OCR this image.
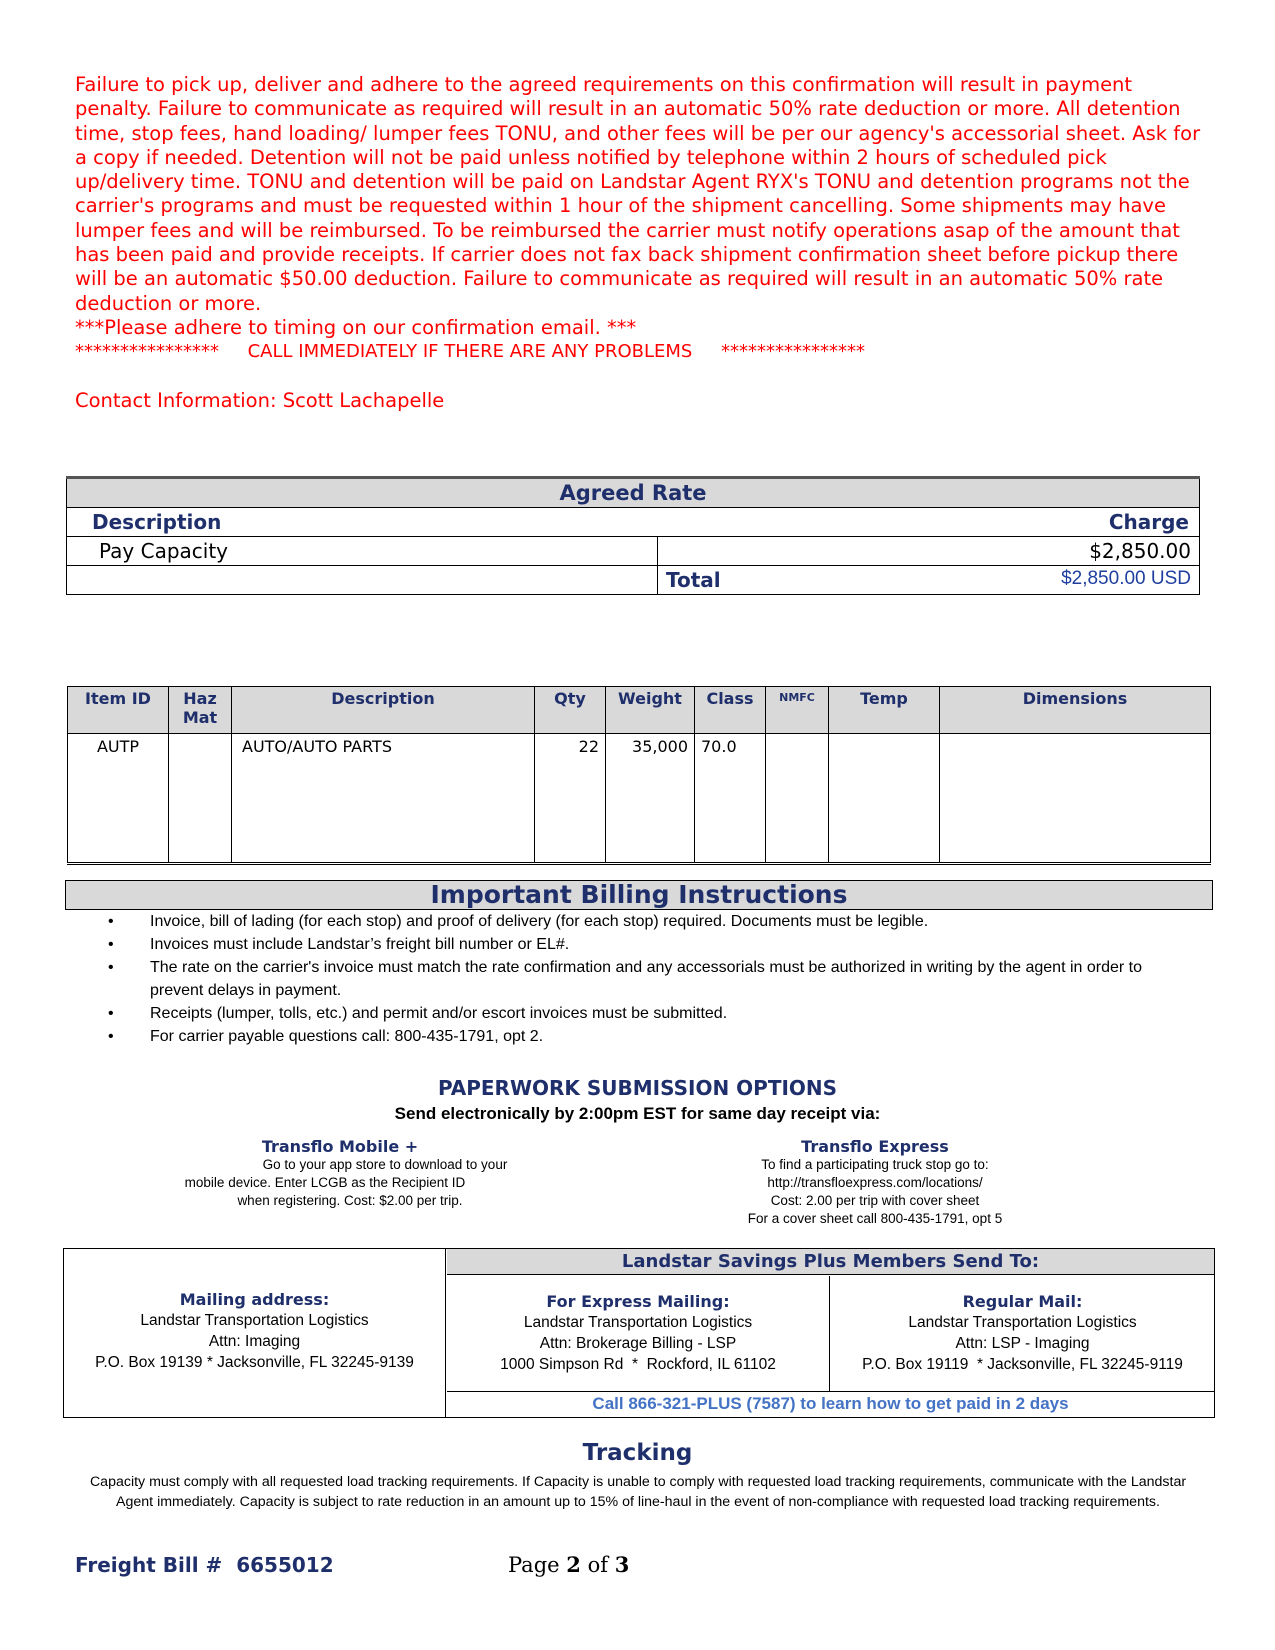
Failure to pick up, deliver and adhere to the agreed requirements on this confirmation will result in payment penalty. Failure to communicate as required will result in an automatic 50% rate deduction or more. All detention time, stop fees, hand loading/ lumper fees TONU, and other fees will be per our agency's accessorial sheet. Ask for a copy if needed. Detention will not be paid unless notified by telephone within 2 hours of scheduled pick up/delivery time. TONU and detention will be paid on Landstar Agent RYX's TONU and detention programs not the carrier's programs and must be requested within 1 hour of the shipment cancelling. Some shipments may have lumper fees and will be reimbursed. To be reimbursed the carrier must notify operations asap of the amount that has been paid and provide receipts. If carrier does not fax back shipment confirmation sheet before pickup there will be an automatic $50.00 deduction. Failure to communicate as required will result in an automatic 50% rate deduction or more.

***Please adhere to timing on our confirmation email. ***

****************     CALL IMMEDIATELY IF THERE ARE ANY PROBLEMS     ****************

Contact Information: Scott Lachapelle

Agreed Rate	
Description Charge	

Pay Capacity	$2,850.00
	Total $2,850.00 USD
Item ID	Haz Mat	Description	Qty	Weight	Class	NMFC	Temp	Dimensions
AUTP		AUTO/AUTO PARTS	22	35,000	70.0			
Important Billing Instructions
• Invoice, bill of lading (for each stop) and proof of delivery (for each stop) required. Documents must be legible.
• Invoices must include Landstar’s freight bill number or EL#.
• The rate on the carrier's invoice must match the rate confirmation and any accessorials must be authorized in writing by the agent in order to prevent delays in payment.
• Receipts (lumper, tolls, etc.) and permit and/or escort invoices must be submitted.
• For carrier payable questions call: 800-435-1791, opt 2.
PAPERWORK SUBMISSION OPTIONS
Send electronically by 2:00pm EST for same day receipt via:
Transflo Mobile +
Go to your app store to download to your
mobile device. Enter LCGB as the Recipient ID
when registering. Cost: $2.00 per trip.
Transflo Express
To find a participating truck stop go to:
http://transfloexpress.com/locations/
Cost: 2.00 per trip with cover sheet
For a cover sheet call 800-435-1791, opt 5
Mailing address:
Landstar Transportation Logistics
Attn: Imaging
P.O. Box 19139 * Jacksonville, FL 32245-9139
Landstar Savings Plus Members Send To:
For Express Mailing:
Landstar Transportation Logistics
Attn: Brokerage Billing - LSP
1000 Simpson Rd  *  Rockford, IL 61102
Regular Mail:
Landstar Transportation Logistics
Attn: LSP - Imaging
P.O. Box 19119  * Jacksonville, FL 32245-9119
Call 866-321-PLUS (7587) to learn how to get paid in 2 days
Tracking
Capacity must comply with all requested load tracking requirements. If Capacity is unable to comply with requested load tracking requirements, communicate with the Landstar Agent immediately. Capacity is subject to rate reduction in an amount up to 15% of line-haul in the event of non-compliance with requested load tracking requirements.
Freight Bill # 6655012	Page 2 of 3
